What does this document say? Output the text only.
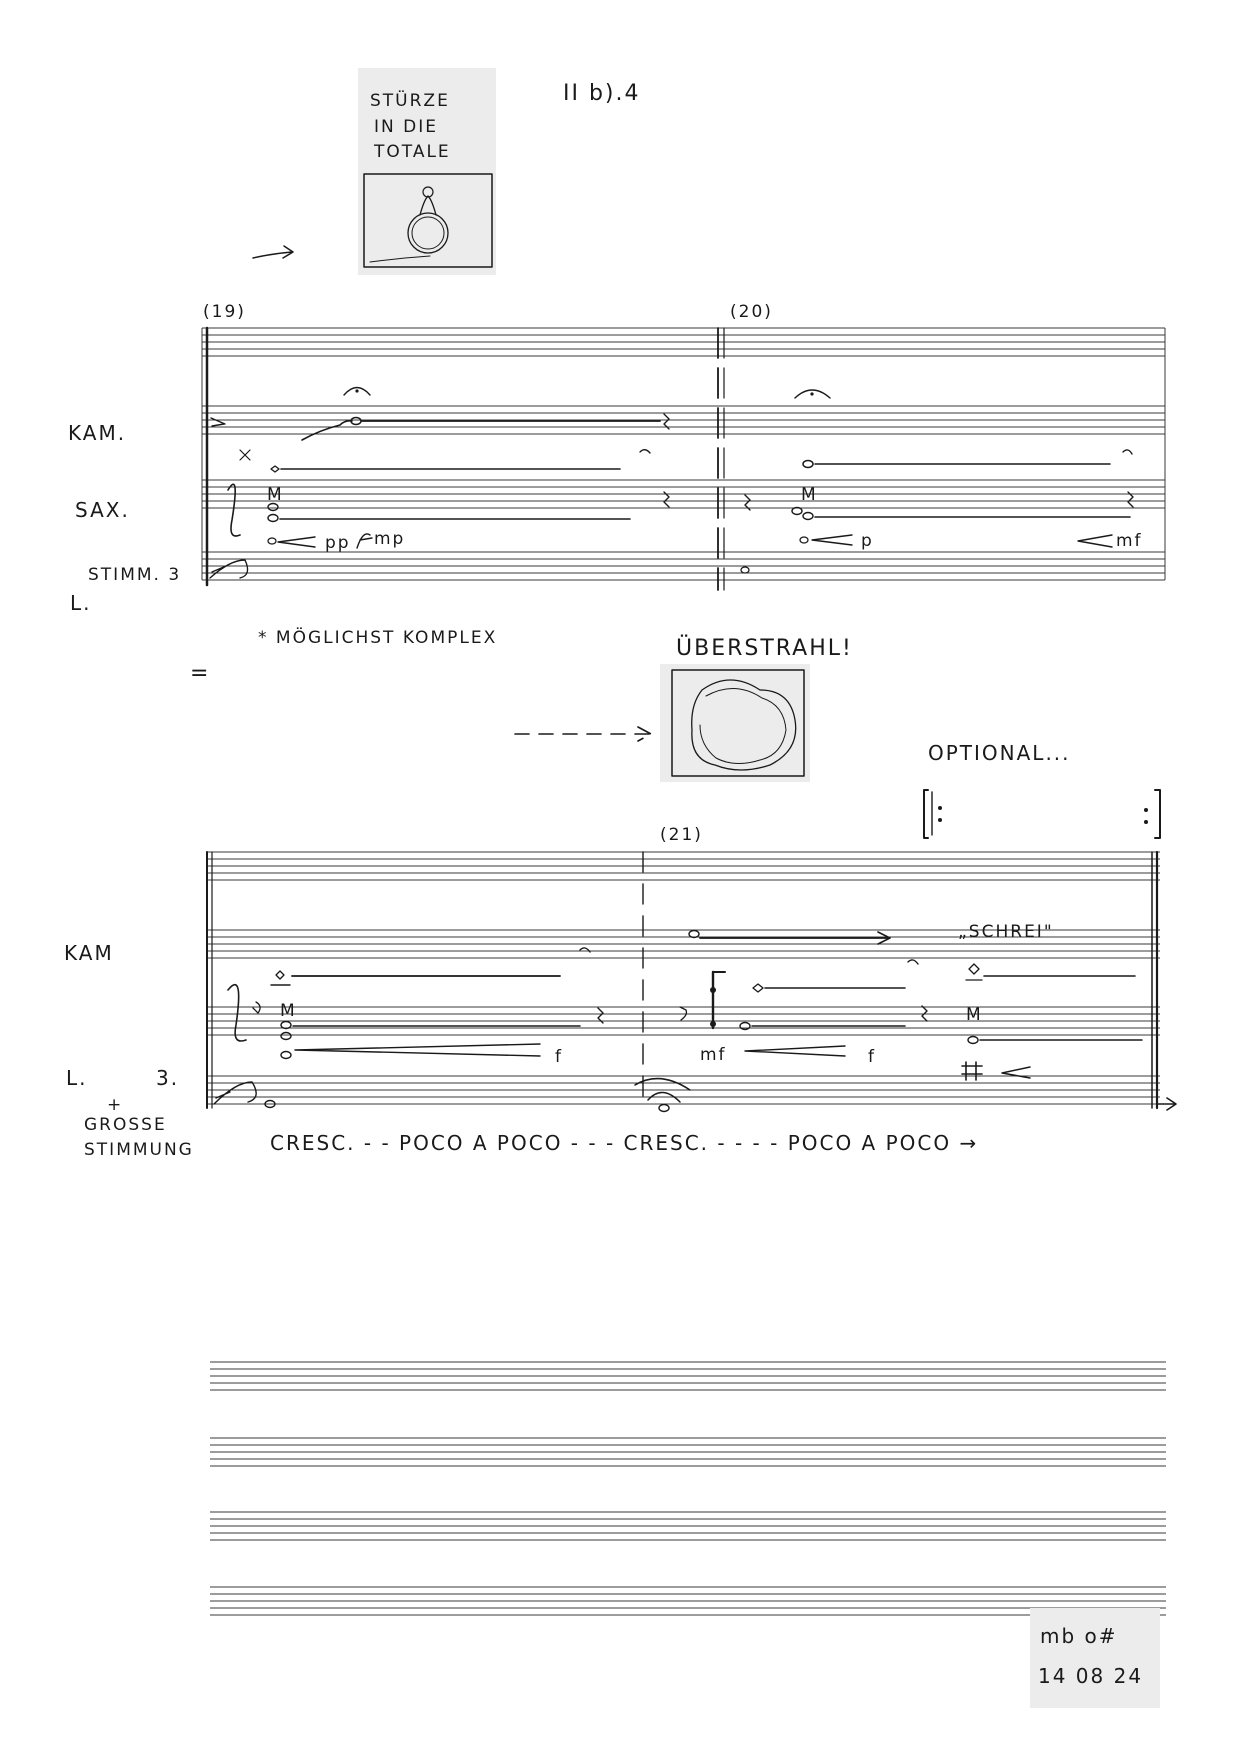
STÜRZE
IN DIE
TOTALE
II b).4
(19)	(20)
KAM.
SAX.
STIMM. 3
L.
M
pp mp
M
p	mf
* MÖGLICHST KOMPLEX
=
ÜBERSTRAHL!
OPTIONAL...
(21)
KAM
L.	3.
+
GROSSE
STIMMUNG
M
f	mf	f
„SCHREI"
M
CRESC. - - POCO A POCO - - - CRESC. - - - - POCO A POCO →
mb o#
14 08 24
